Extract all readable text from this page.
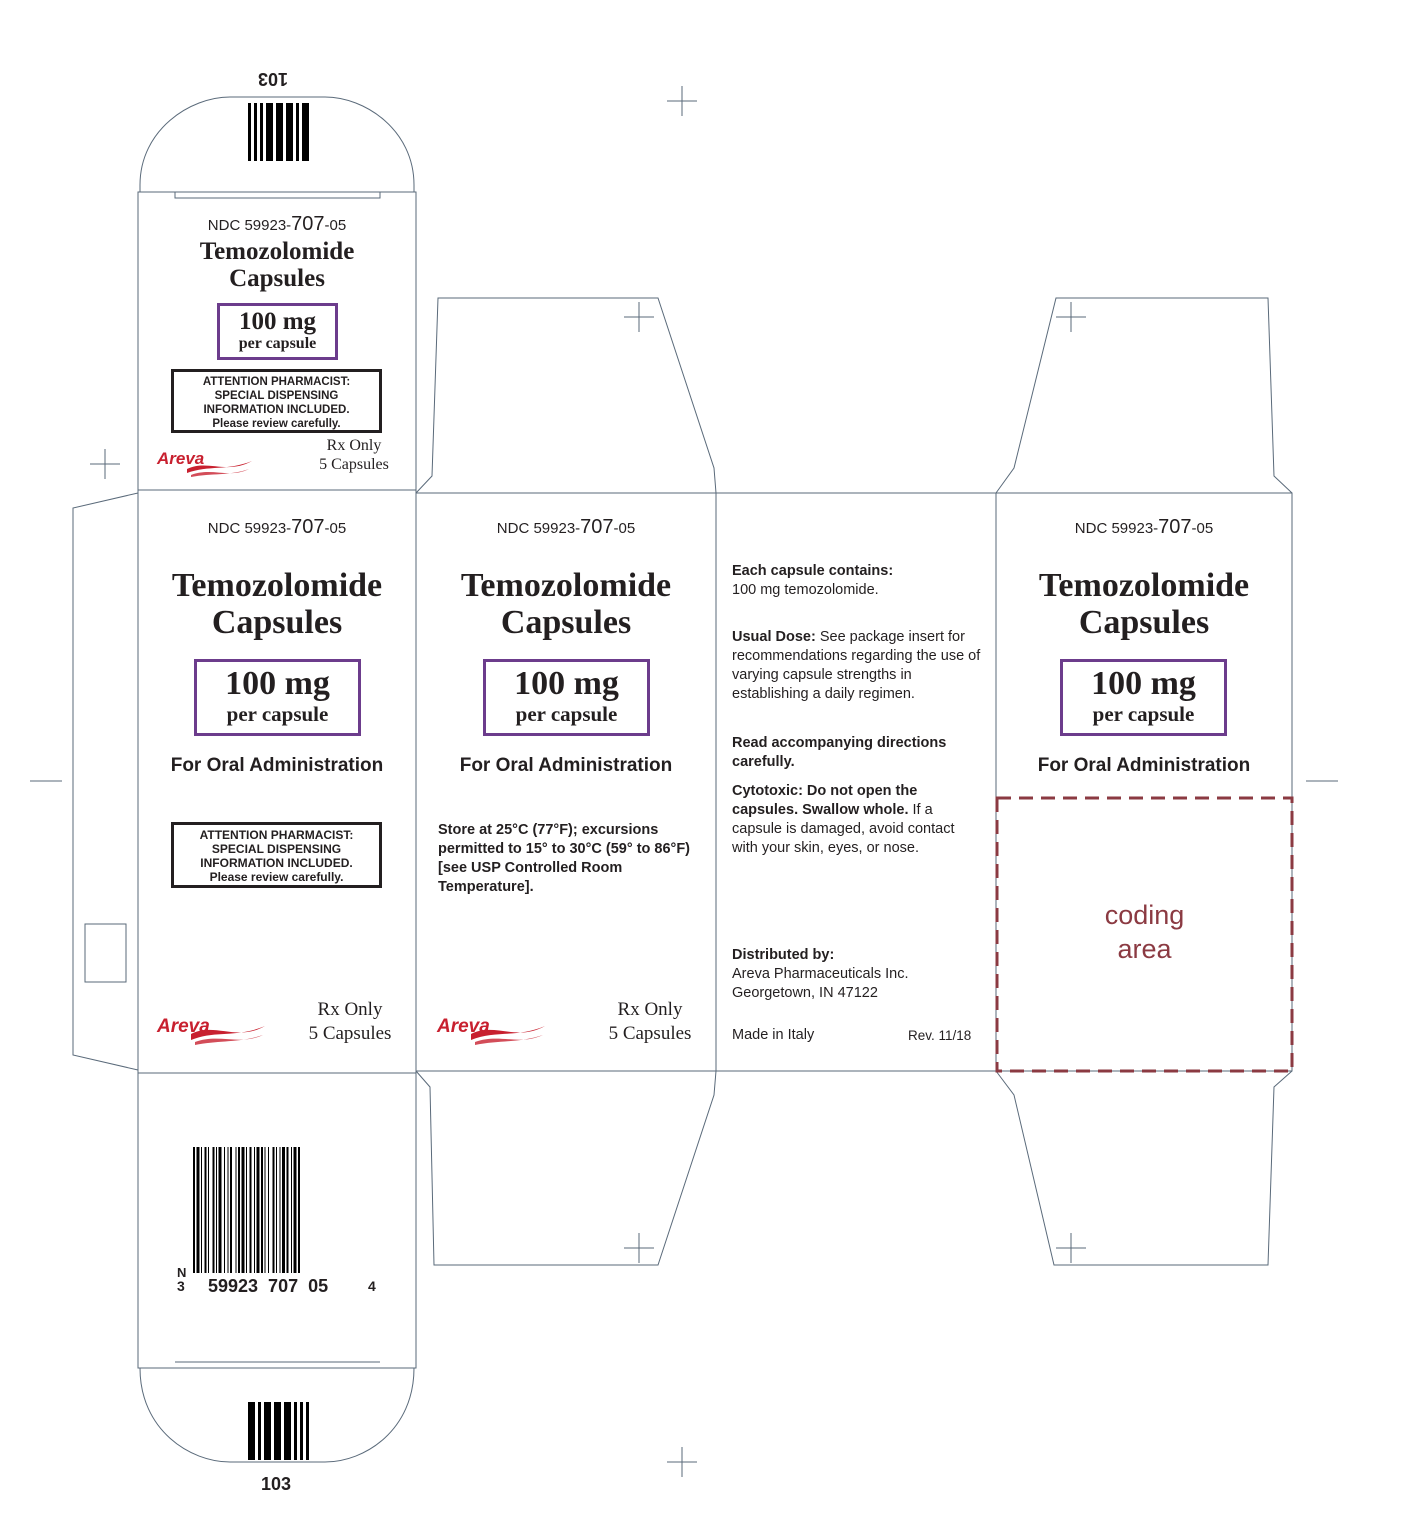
103
103
NDC 59923-707-05
Temozolomide
Capsules
100 mg
per capsule
ATTENTION PHARMACIST:
SPECIAL DISPENSING
INFORMATION INCLUDED.
Please review carefully.
Areva
Rx Only
5 Capsules
NDC 59923-707-05
Temozolomide
Capsules
100 mg
per capsule
For Oral Administration
ATTENTION PHARMACIST:
SPECIAL DISPENSING
INFORMATION INCLUDED.
Please review carefully.
Areva
Rx Only
5 Capsules
NDC 59923-707-05
Temozolomide
Capsules
100 mg
per capsule
For Oral Administration
Store at 25°C (77°F); excursions permitted to 15° to 30°C (59° to 86°F) [see USP Controlled Room Temperature].
Areva
Rx Only
5 Capsules
Each capsule contains:
100 mg temozolomide.
Usual Dose: See package insert for recommendations regarding the use of varying capsule strengths in establishing a daily regimen.
Read accompanying directions carefully.
Cytotoxic: Do not open the capsules. Swallow whole. If a capsule is damaged, avoid contact with your skin, eyes, or nose.
Distributed by:
Areva Pharmaceuticals Inc.
Georgetown, IN 47122
Made in Italy	Rev. 11/18
NDC 59923-707-05
Temozolomide
Capsules
100 mg
per capsule
For Oral Administration
coding
area
N
3 59923  707  05	4
